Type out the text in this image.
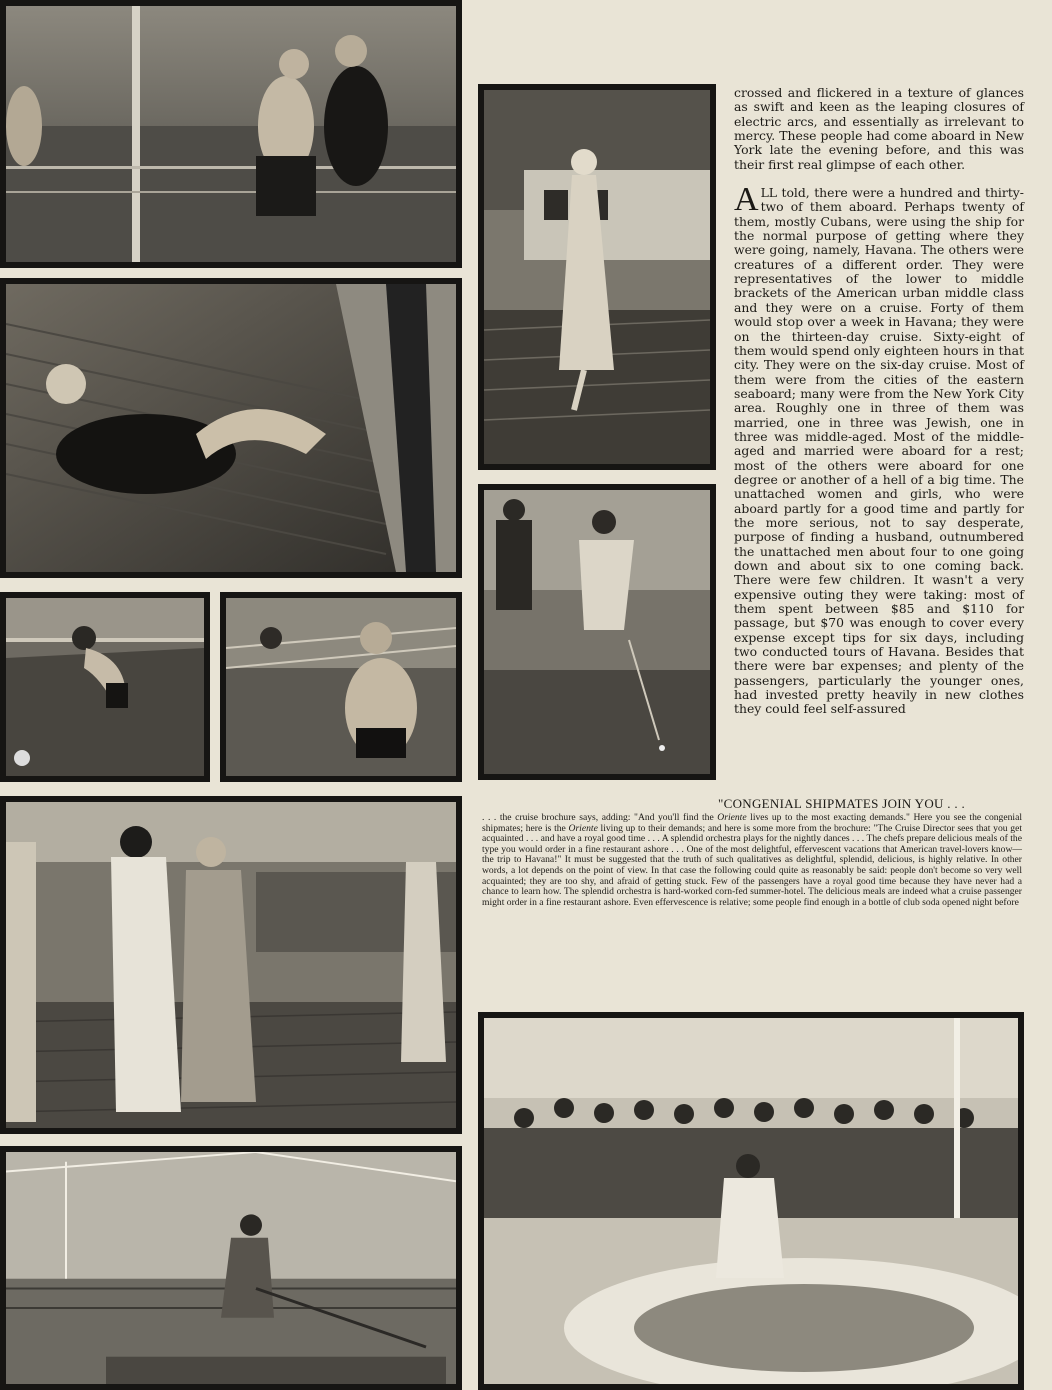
crossed and flickered in a texture of glances as swift and keen as the leaping closures of electric arcs, and essentially as irrelevant to mercy. These people had come aboard in New York late the evening before, and this was their first real glimpse of each other.

ALL told, there were a hundred and thirty-two of them aboard. Perhaps twenty of them, mostly Cubans, were using the ship for the normal purpose of getting where they were going, namely, Havana. The others were creatures of a different order. They were representatives of the lower to middle brackets of the American urban middle class and they were on a cruise. Forty of them would stop over a week in Havana; they were on the thirteen-day cruise. Sixty-eight of them would spend only eighteen hours in that city. They were on the six-day cruise. Most of them were from the cities of the eastern seaboard; many were from the New York City area. Roughly one in three of them was married, one in three was Jewish, one in three was middle-aged. Most of the middle-aged and married were aboard for a rest; most of the others were aboard for one degree or another of a hell of a big time. The unattached women and girls, who were aboard partly for a good time and partly for the more serious, not to say desperate, purpose of finding a husband, outnumbered the unattached men about four to one going down and about six to one coming back. There were few children. It wasn't a very expensive outing they were taking: most of them spent between $85 and $110 for passage, but $70 was enough to cover every expense except tips for six days, including two conducted tours of Havana. Besides that there were bar expenses; and plenty of the passengers, particularly the younger ones, had invested pretty heavily in new clothes they could feel self-assured

"CONGENIAL SHIPMATES JOIN YOU . . .

. . . the cruise brochure says, adding: "And you'll find the Oriente lives up to the most exacting demands." Here you see the congenial shipmates; here is the Oriente living up to their demands; and here is some more from the brochure: "The Cruise Director sees that you get acquainted . . . and have a royal good time . . . A splendid orchestra plays for the nightly dances . . . The chefs prepare delicious meals of the type you would order in a fine restaurant ashore . . . One of the most delightful, effervescent vacations that American travel-lovers know—the trip to Havana!" It must be suggested that the truth of such qualitatives as delightful, splendid, delicious, is highly relative. In other words, a lot depends on the point of view. In that case the following could quite as reasonably be said: people don't become so very well acquainted; they are too shy, and afraid of getting stuck. Few of the passengers have a royal good time because they have never had a chance to learn how. The splendid orchestra is hard-worked corn-fed summer-hotel. The delicious meals are indeed what a cruise passenger might order in a fine restaurant ashore. Even effervescence is relative; some people find enough in a bottle of club soda opened night before
